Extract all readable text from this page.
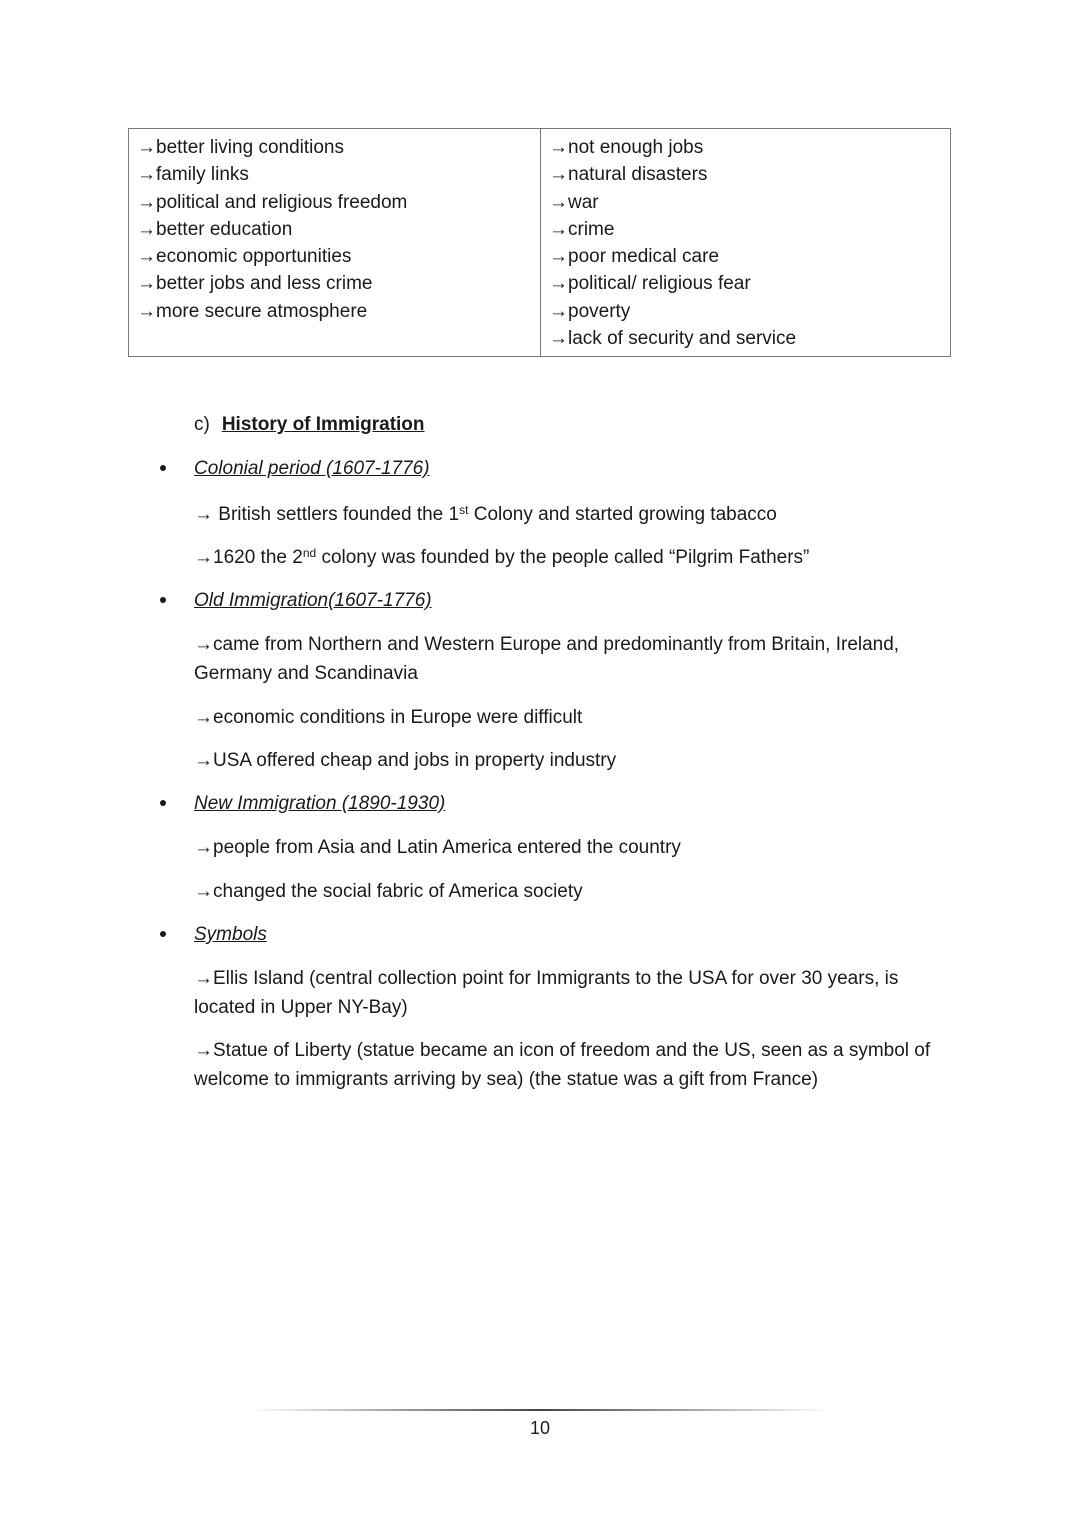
→better living conditions
→family links
→political and religious freedom
→better education
→economic opportunities
→better jobs and less crime
→more secure atmosphere
→not enough jobs
→natural disasters
→war
→crime
→poor medical care
→political/ religious fear
→poverty
→lack of security and service
c) History of Immigration
Colonial period (1607-1776)
→ British settlers founded the 1st Colony and started growing tabacco
→1620 the 2nd colony was founded by the people called “Pilgrim Fathers”
Old Immigration(1607-1776)
→came from Northern and Western Europe and predominantly from Britain, Ireland, Germany and Scandinavia
→economic conditions in Europe were difficult
→USA offered cheap and jobs in property industry
New Immigration (1890-1930)
→people from Asia and Latin America entered the country
→changed the social fabric of America society
Symbols
→Ellis Island (central collection point for Immigrants to the USA for over 30 years, is located in Upper NY-Bay)
→Statue of Liberty (statue became an icon of freedom and the US, seen as a symbol of welcome to immigrants arriving by sea) (the statue was a gift from France)
10
